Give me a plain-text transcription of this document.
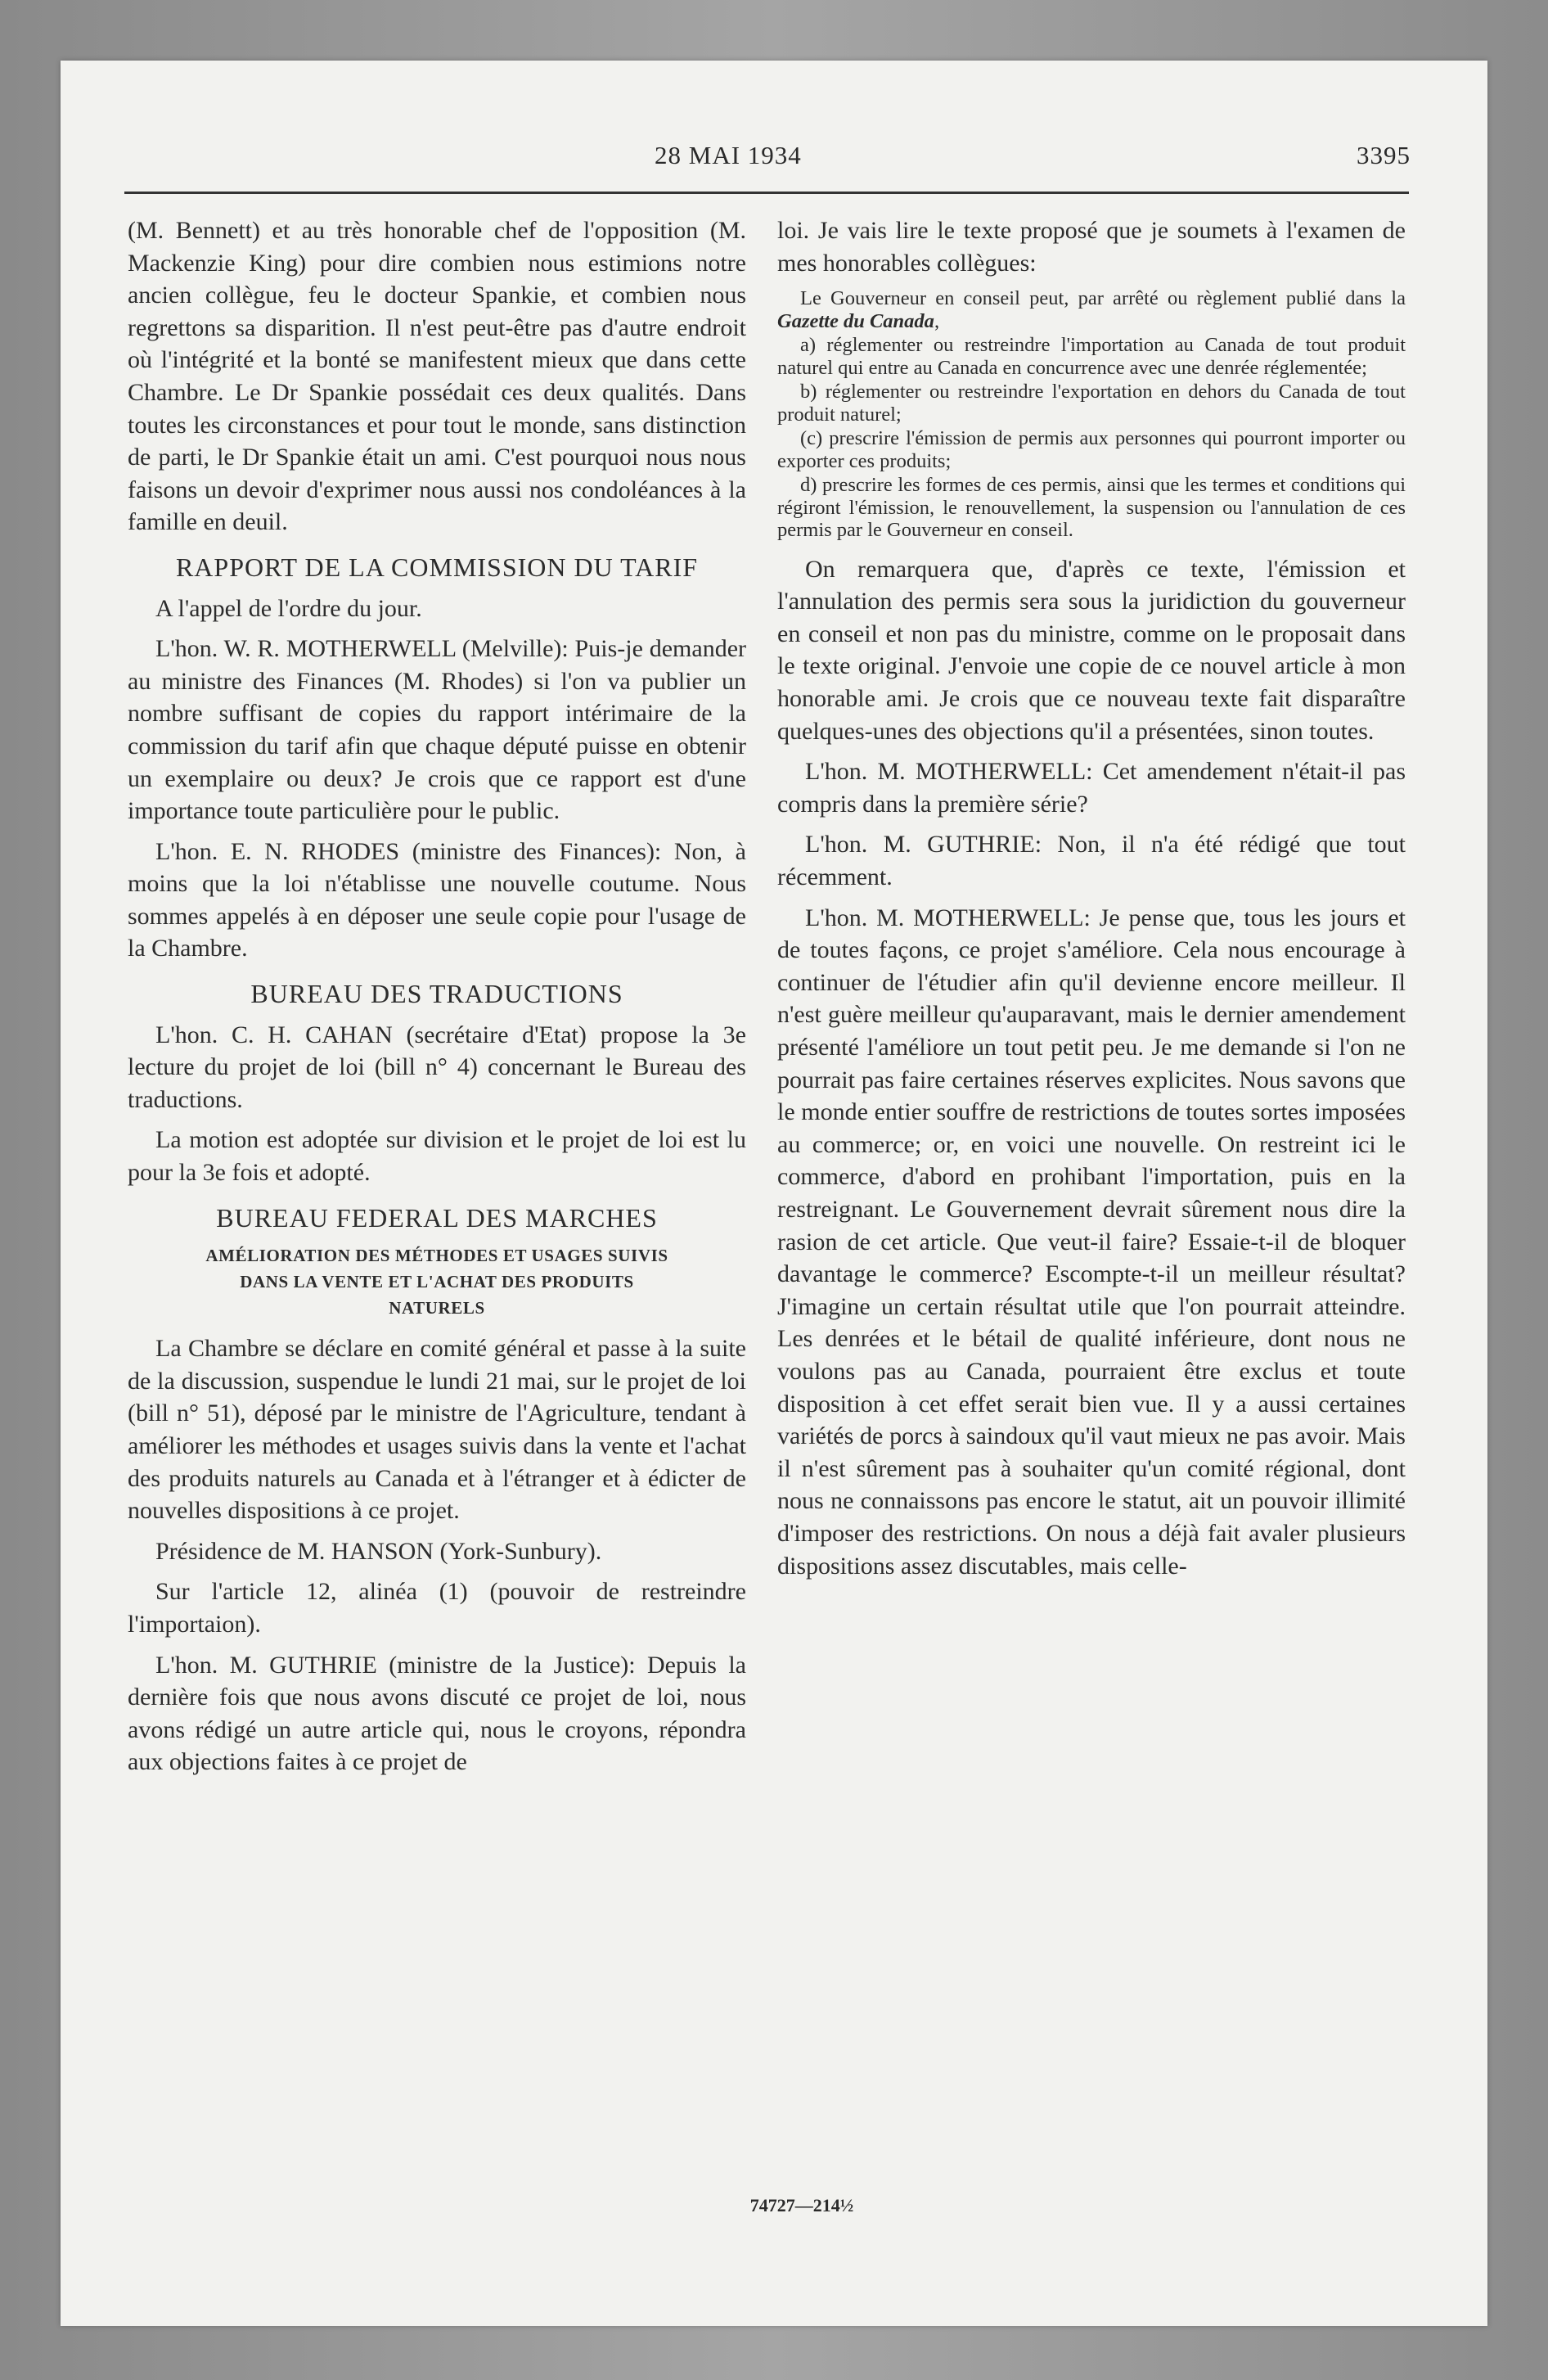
28 MAI 1934	3395

(M. Bennett) et au très honorable chef de l'opposition (M. Mackenzie King) pour dire combien nous estimions notre ancien collègue, feu le docteur Spankie, et combien nous regrettons sa disparition. Il n'est peut-être pas d'autre endroit où l'intégrité et la bonté se manifestent mieux que dans cette Chambre. Le Dr Spankie possédait ces deux qualités. Dans toutes les circonstances et pour tout le monde, sans distinction de parti, le Dr Spankie était un ami. C'est pourquoi nous nous faisons un devoir d'exprimer nous aussi nos condoléances à la famille en deuil.

RAPPORT DE LA COMMISSION DU TARIF

A l'appel de l'ordre du jour.

L'hon. W. R. MOTHERWELL (Melville): Puis-je demander au ministre des Finances (M. Rhodes) si l'on va publier un nombre suffisant de copies du rapport intérimaire de la commission du tarif afin que chaque député puisse en obtenir un exemplaire ou deux? Je crois que ce rapport est d'une importance toute particulière pour le public.

L'hon. E. N. RHODES (ministre des Finances): Non, à moins que la loi n'établisse une nouvelle coutume. Nous sommes appelés à en déposer une seule copie pour l'usage de la Chambre.

BUREAU DES TRADUCTIONS

L'hon. C. H. CAHAN (secrétaire d'Etat) propose la 3e lecture du projet de loi (bill n° 4) concernant le Bureau des traductions.

La motion est adoptée sur division et le projet de loi est lu pour la 3e fois et adopté.

BUREAU FEDERAL DES MARCHES
AMÉLIORATION DES MÉTHODES ET USAGES SUIVIS
DANS LA VENTE ET L'ACHAT DES PRODUITS
NATURELS

La Chambre se déclare en comité général et passe à la suite de la discussion, suspendue le lundi 21 mai, sur le projet de loi (bill n° 51), déposé par le ministre de l'Agriculture, tendant à améliorer les méthodes et usages suivis dans la vente et l'achat des produits naturels au Canada et à l'étranger et à édicter de nouvelles dispositions à ce projet.

Présidence de M. HANSON (York-Sunbury).

Sur l'article 12, alinéa (1) (pouvoir de restreindre l'importaion).

L'hon. M. GUTHRIE (ministre de la Justice): Depuis la dernière fois que nous avons discuté ce projet de loi, nous avons rédigé un autre article qui, nous le croyons, répondra aux objections faites à ce projet de

loi. Je vais lire le texte proposé que je soumets à l'examen de mes honorables collègues:

Le Gouverneur en conseil peut, par arrêté ou règlement publié dans la Gazette du Canada,

a) réglementer ou restreindre l'importation au Canada de tout produit naturel qui entre au Canada en concurrence avec une denrée réglementée;

b) réglementer ou restreindre l'exportation en dehors du Canada de tout produit naturel;

(c) prescrire l'émission de permis aux personnes qui pourront importer ou exporter ces produits;

d) prescrire les formes de ces permis, ainsi que les termes et conditions qui régiront l'émission, le renouvellement, la suspension ou l'annulation de ces permis par le Gouverneur en conseil.

On remarquera que, d'après ce texte, l'émission et l'annulation des permis sera sous la juridiction du gouverneur en conseil et non pas du ministre, comme on le proposait dans le texte original. J'envoie une copie de ce nouvel article à mon honorable ami. Je crois que ce nouveau texte fait disparaître quelques-unes des objections qu'il a présentées, sinon toutes.

L'hon. M. MOTHERWELL: Cet amendement n'était-il pas compris dans la première série?

L'hon. M. GUTHRIE: Non, il n'a été rédigé que tout récemment.

L'hon. M. MOTHERWELL: Je pense que, tous les jours et de toutes façons, ce projet s'améliore. Cela nous encourage à continuer de l'étudier afin qu'il devienne encore meilleur. Il n'est guère meilleur qu'auparavant, mais le dernier amendement présenté l'améliore un tout petit peu. Je me demande si l'on ne pourrait pas faire certaines réserves explicites. Nous savons que le monde entier souffre de restrictions de toutes sortes imposées au commerce; or, en voici une nouvelle. On restreint ici le commerce, d'abord en prohibant l'importation, puis en la restreignant. Le Gouvernement devrait sûrement nous dire la rasion de cet article. Que veut-il faire? Essaie-t-il de bloquer davantage le commerce? Escompte-t-il un meilleur résultat? J'imagine un certain résultat utile que l'on pourrait atteindre. Les denrées et le bétail de qualité inférieure, dont nous ne voulons pas au Canada, pourraient être exclus et toute disposition à cet effet serait bien vue. Il y a aussi certaines variétés de porcs à saindoux qu'il vaut mieux ne pas avoir. Mais il n'est sûrement pas à souhaiter qu'un comité régional, dont nous ne connaissons pas encore le statut, ait un pouvoir illimité d'imposer des restrictions. On nous a déjà fait avaler plusieurs dispositions assez discutables, mais celle-

74727—214½
